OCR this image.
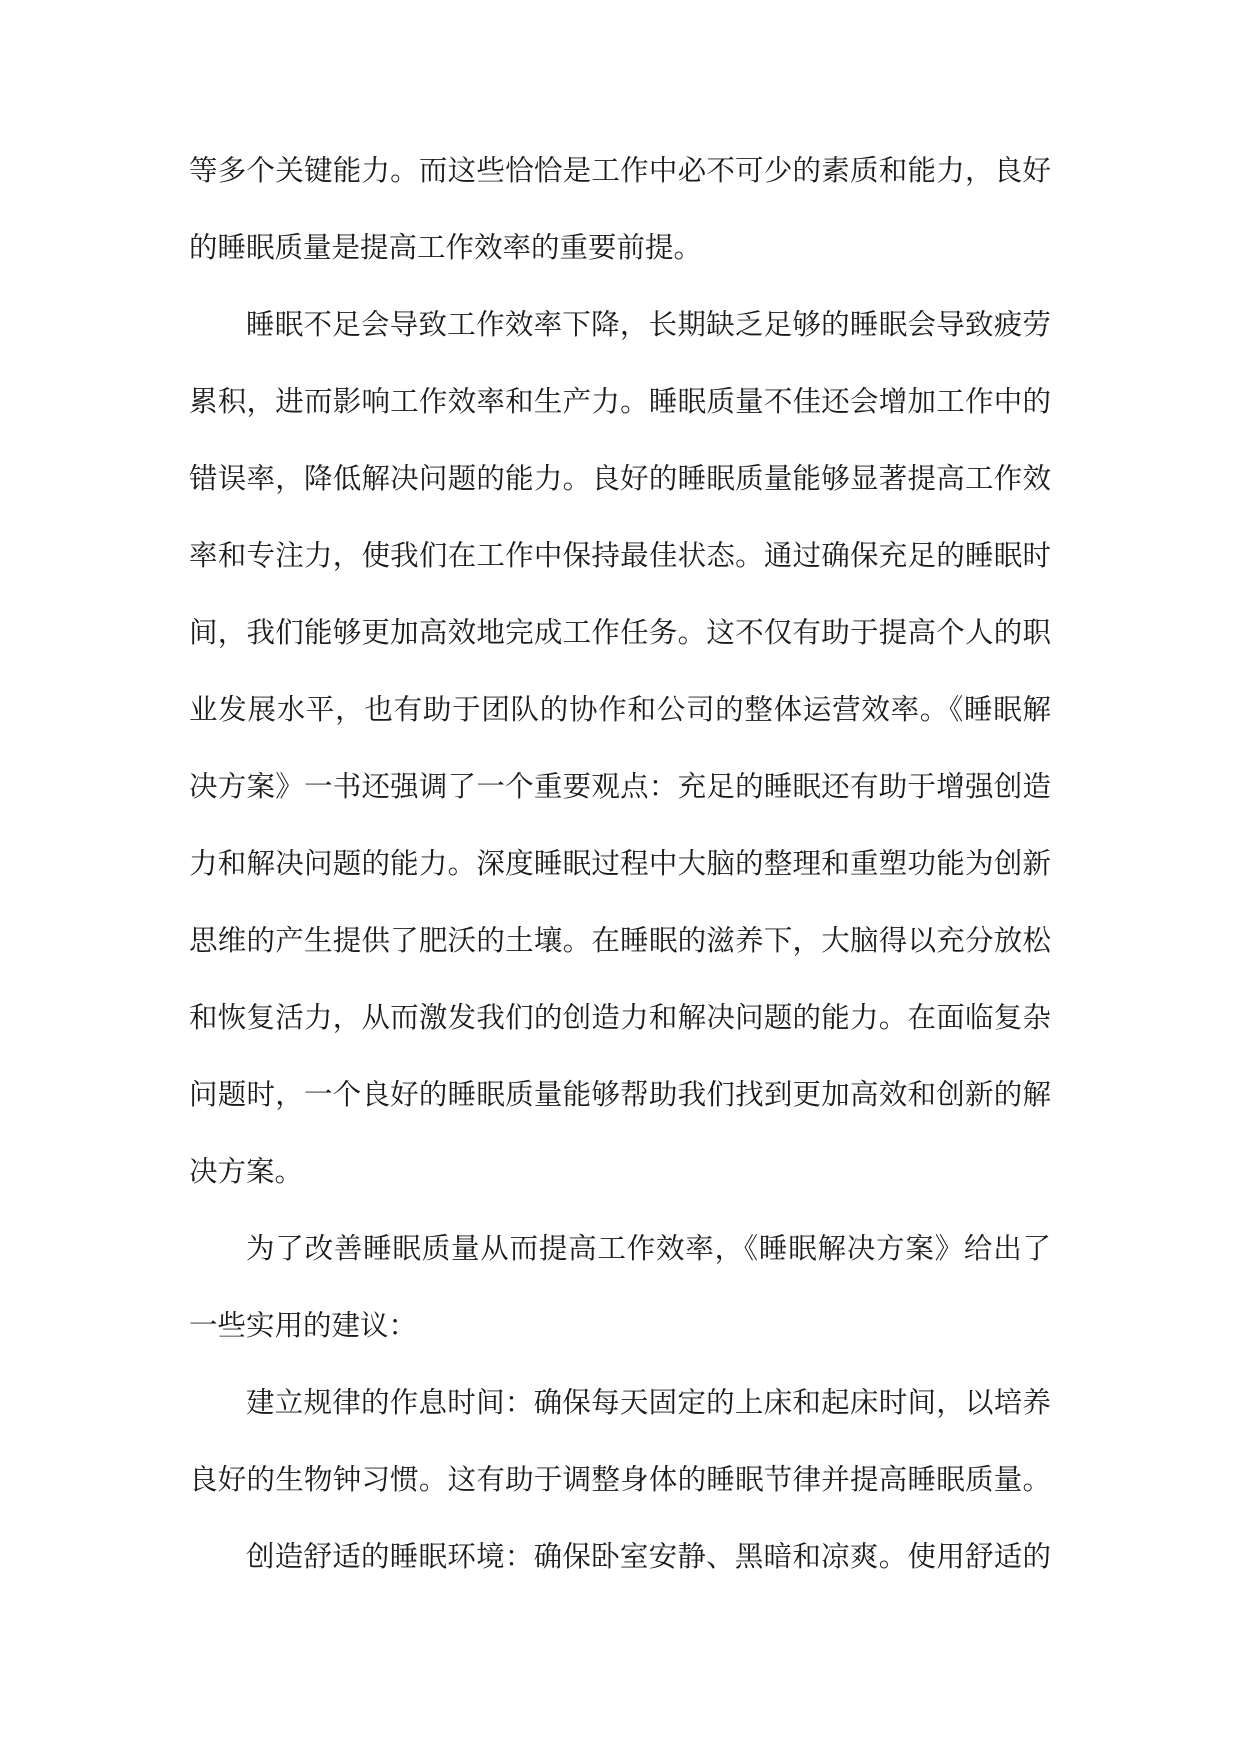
等多个关键能力。而这些恰恰是工作中必不可少的素质和能力，良好
的睡眠质量是提高工作效率的重要前提。
睡眠不足会导致工作效率下降，长期缺乏足够的睡眠会导致疲劳
累积，进而影响工作效率和生产力。睡眠质量不佳还会增加工作中的
错误率，降低解决问题的能力。良好的睡眠质量能够显著提高工作效
率和专注力，使我们在工作中保持最佳状态。通过确保充足的睡眠时
间，我们能够更加高效地完成工作任务。这不仅有助于提高个人的职
业发展水平，也有助于团队的协作和公司的整体运营效率。《睡眠解
决方案》一书还强调了一个重要观点：充足的睡眠还有助于增强创造
力和解决问题的能力。深度睡眠过程中大脑的整理和重塑功能为创新
思维的产生提供了肥沃的土壤。在睡眠的滋养下，大脑得以充分放松
和恢复活力，从而激发我们的创造力和解决问题的能力。在面临复杂
问题时，一个良好的睡眠质量能够帮助我们找到更加高效和创新的解
决方案。
为了改善睡眠质量从而提高工作效率，《睡眠解决方案》给出了
一些实用的建议：
建立规律的作息时间：确保每天固定的上床和起床时间，以培养
良好的生物钟习惯。这有助于调整身体的睡眠节律并提高睡眠质量。
创造舒适的睡眠环境：确保卧室安静、黑暗和凉爽。使用舒适的
